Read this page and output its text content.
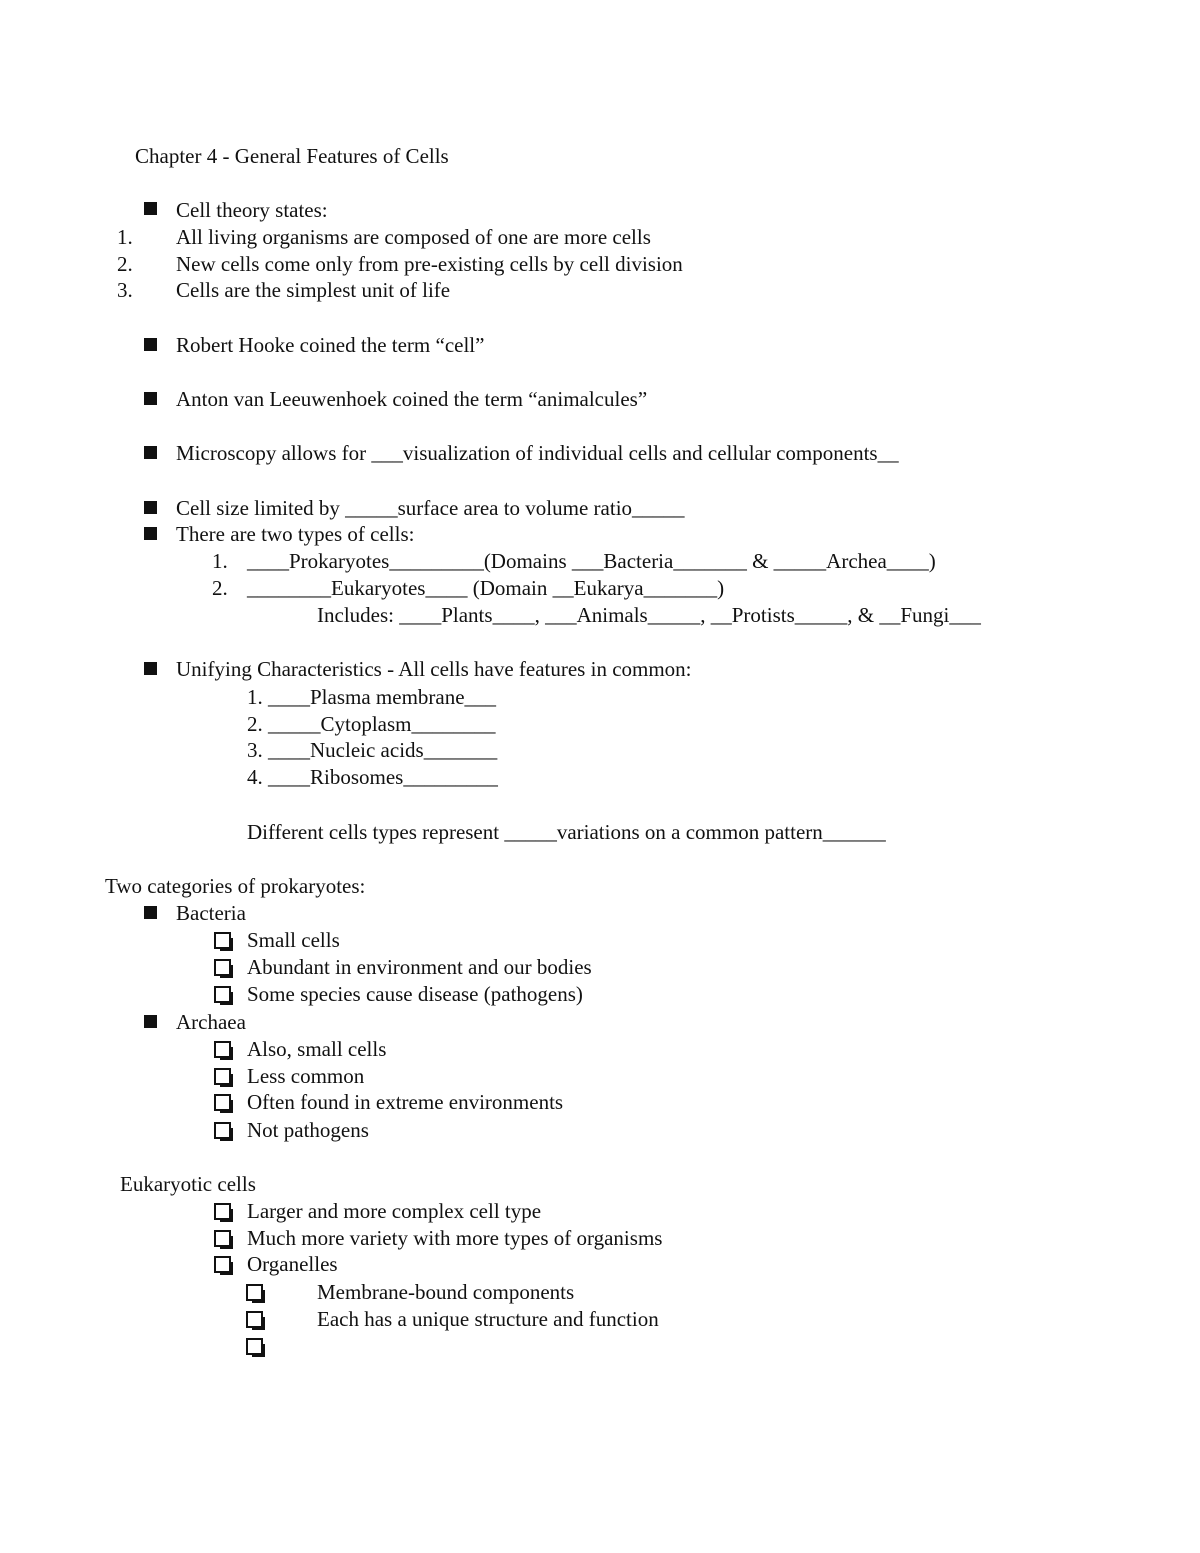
Chapter 4 - General Features of Cells
Cell theory states:
1. All living organisms are composed of one are more cells
2. New cells come only from pre-existing cells by cell division
3. Cells are the simplest unit of life
Robert Hooke coined the term “cell”
Anton van Leeuwenhoek coined the term “animalcules”
Microscopy allows for ___visualization of individual cells and cellular components__
Cell size limited by _____surface area to volume ratio_____
There are two types of cells:
1. ____Prokaryotes_________(Domains ___Bacteria_______ & _____Archea____)
2. ________Eukaryotes____ (Domain __Eukarya_______)
Includes: ____Plants____, ___Animals_____, __Protists_____, & __Fungi___
Unifying Characteristics - All cells have features in common:
1. ____Plasma membrane___
2. _____Cytoplasm________
3. ____Nucleic acids_______
4. ____Ribosomes_________
Different cells types represent _____variations on a common pattern______
Two categories of prokaryotes:
Bacteria
Small cells
Abundant in environment and our bodies
Some species cause disease (pathogens)
Archaea
Also, small cells
Less common
Often found in extreme environments
Not pathogens
Eukaryotic cells
Larger and more complex cell type
Much more variety with more types of organisms
Organelles
Membrane-bound components
Each has a unique structure and function
